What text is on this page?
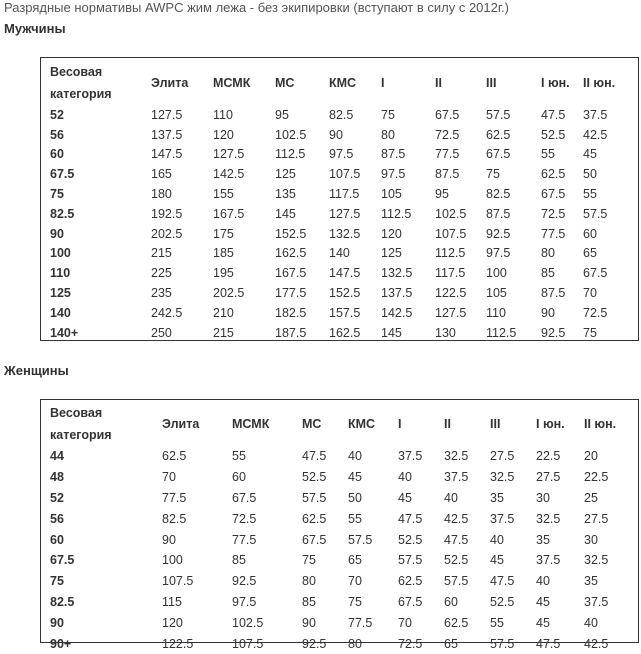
Разрядные нормативы AWPC жим лежа - без экипировки (вступают в силу с 2012г.)
Мужчины
Весовая категория	Элита	МСМК	МС	КМС	I	II	III	I юн.	II юн.
52	127.5	110	95	82.5	75	67.5	57.5	47.5	37.5
56	137.5	120	102.5	90	80	72.5	62.5	52.5	42.5
60	147.5	127.5	112.5	97.5	87.5	77.5	67.5	55	45
67.5	165	142.5	125	107.5	97.5	87.5	75	62.5	50
75	180	155	135	117.5	105	95	82.5	67.5	55
82.5	192.5	167.5	145	127.5	112.5	102.5	87.5	72.5	57.5
90	202.5	175	152.5	132.5	120	107.5	92.5	77.5	60
100	215	185	162.5	140	125	112.5	97.5	80	65
110	225	195	167.5	147.5	132.5	117.5	100	85	67.5
125	235	202.5	177.5	152.5	137.5	122.5	105	87.5	70
140	242.5	210	182.5	157.5	142.5	127.5	110	90	72.5
140+	250	215	187.5	162.5	145	130	112.5	92.5	75
Женщины
Весовая категория	Элита	МСМК	МС	КМС	I	II	III	I юн.	II юн.
44	62.5	55	47.5	40	37.5	32.5	27.5	22.5	20
48	70	60	52.5	45	40	37.5	32.5	27.5	22.5
52	77.5	67.5	57.5	50	45	40	35	30	25
56	82.5	72.5	62.5	55	47.5	42.5	37.5	32.5	27.5
60	90	77.5	67.5	57.5	52.5	47.5	40	35	30
67.5	100	85	75	65	57.5	52.5	45	37.5	32.5
75	107.5	92.5	80	70	62.5	57.5	47.5	40	35
82.5	115	97.5	85	75	67.5	60	52.5	45	37.5
90	120	102.5	90	77.5	70	62.5	55	45	40
90+	122.5	107.5	92.5	80	72.5	65	57.5	47.5	42.5
